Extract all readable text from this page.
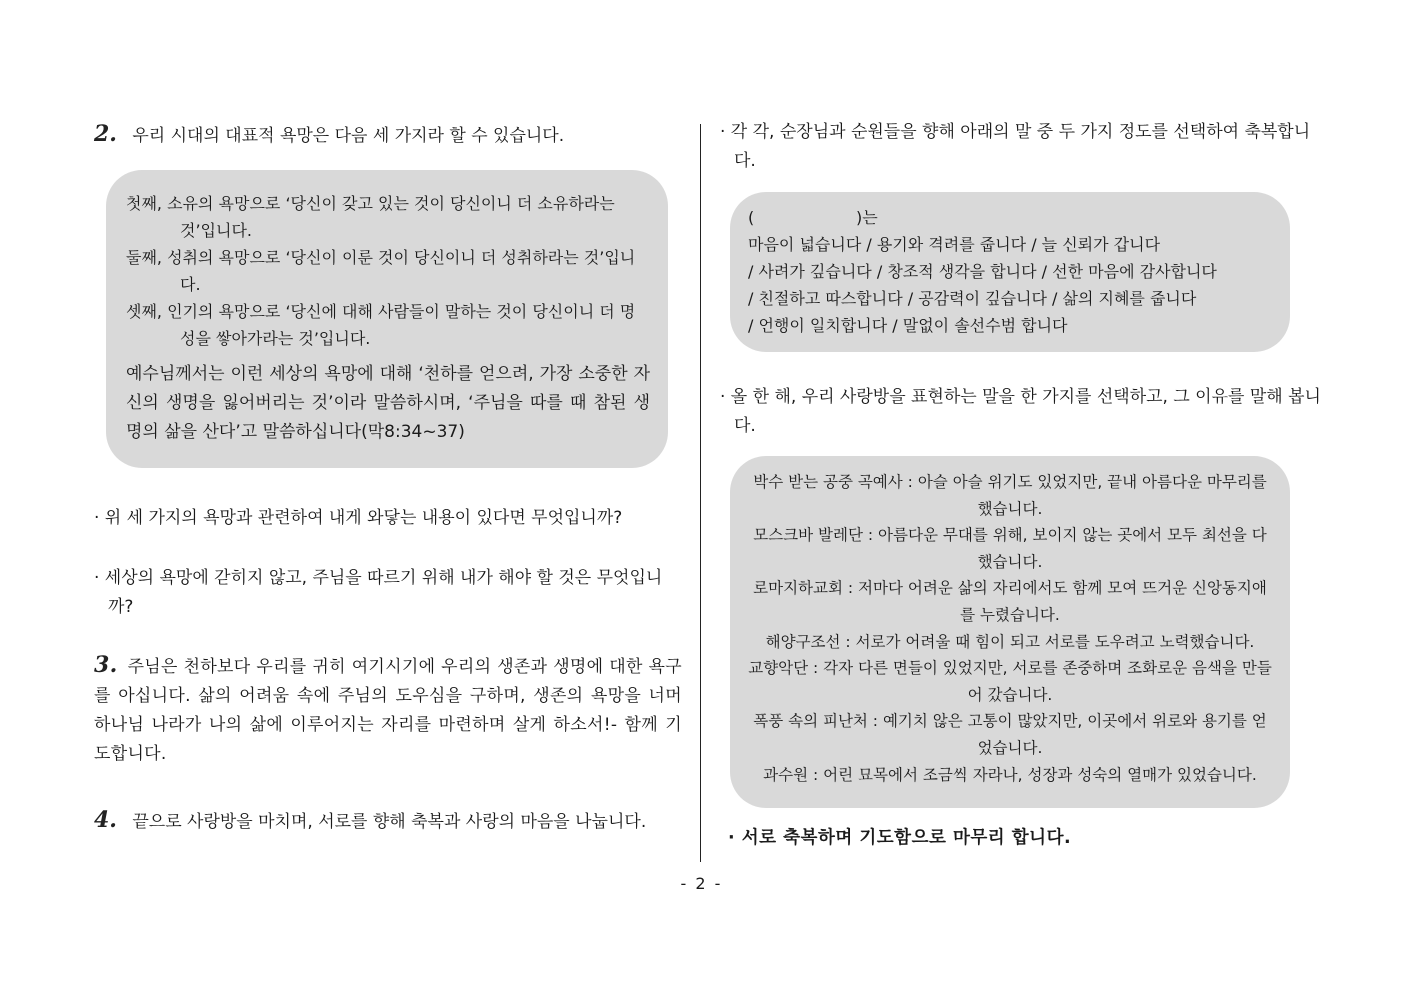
2. 우리 시대의 대표적 욕망은 다음 세 가지라 할 수 있습니다.
첫째, 소유의 욕망으로 ‘당신이 갖고 있는 것이 당신이니 더 소유하라는 것’입니다.
둘째, 성취의 욕망으로 ‘당신이 이룬 것이 당신이니 더 성취하라는 것’입니다.
셋째, 인기의 욕망으로 ‘당신에 대해 사람들이 말하는 것이 당신이니 더 명성을 쌓아가라는 것’입니다.
예수님께서는 이런 세상의 욕망에 대해 ‘천하를 얻으려, 가장 소중한 자신의 생명을 잃어버리는 것’이라 말씀하시며, ‘주님을 따를 때 참된 생명의 삶을 산다’고 말씀하십니다(막8:34~37)
· 위 세 가지의 욕망과 관련하여 내게 와닿는 내용이 있다면 무엇입니까?
· 세상의 욕망에 갇히지 않고, 주님을 따르기 위해 내가 해야 할 것은 무엇입니까?
3. 주님은 천하보다 우리를 귀히 여기시기에 우리의 생존과 생명에 대한 욕구를 아십니다. 삶의 어려움 속에 주님의 도우심을 구하며, 생존의 욕망을 너머 하나님 나라가 나의 삶에 이루어지는 자리를 마련하며 살게 하소서!- 함께 기도합니다.
4. 끝으로 사랑방을 마치며, 서로를 향해 축복과 사랑의 마음을 나눕니다.
· 각 각, 순장님과 순원들을 향해 아래의 말 중 두 가지 정도를 선택하여 축복합니다.
(                    )는
마음이 넓습니다 / 용기와 격려를 줍니다 / 늘 신뢰가 갑니다
/ 사려가 깊습니다 / 창조적 생각을 합니다 / 선한 마음에 감사합니다
/ 친절하고 따스합니다 / 공감력이 깊습니다 / 삶의 지혜를 줍니다
/ 언행이 일치합니다 / 말없이 솔선수범 합니다
· 올 한 해, 우리 사랑방을 표현하는 말을 한 가지를 선택하고, 그 이유를 말해 봅니다.
박수 받는 공중 곡예사 : 아슬 아슬 위기도 있었지만, 끝내 아름다운 마무리를 했습니다.
모스크바 발레단 : 아름다운 무대를 위해, 보이지 않는 곳에서 모두 최선을 다했습니다.
로마지하교회 : 저마다 어려운 삶의 자리에서도 함께 모여 뜨거운 신앙동지애를 누렸습니다.
해양구조선 : 서로가 어려울 때 힘이 되고 서로를 도우려고 노력했습니다.
교향악단 : 각자 다른 면들이 있었지만, 서로를 존중하며 조화로운 음색을 만들어 갔습니다.
폭풍 속의 피난처 : 예기치 않은 고통이 많았지만, 이곳에서 위로와 용기를 얻었습니다.
과수원 : 어린 묘목에서 조금씩 자라나, 성장과 성숙의 열매가 있었습니다.
· 서로 축복하며 기도함으로 마무리 합니다.
- 2 -
